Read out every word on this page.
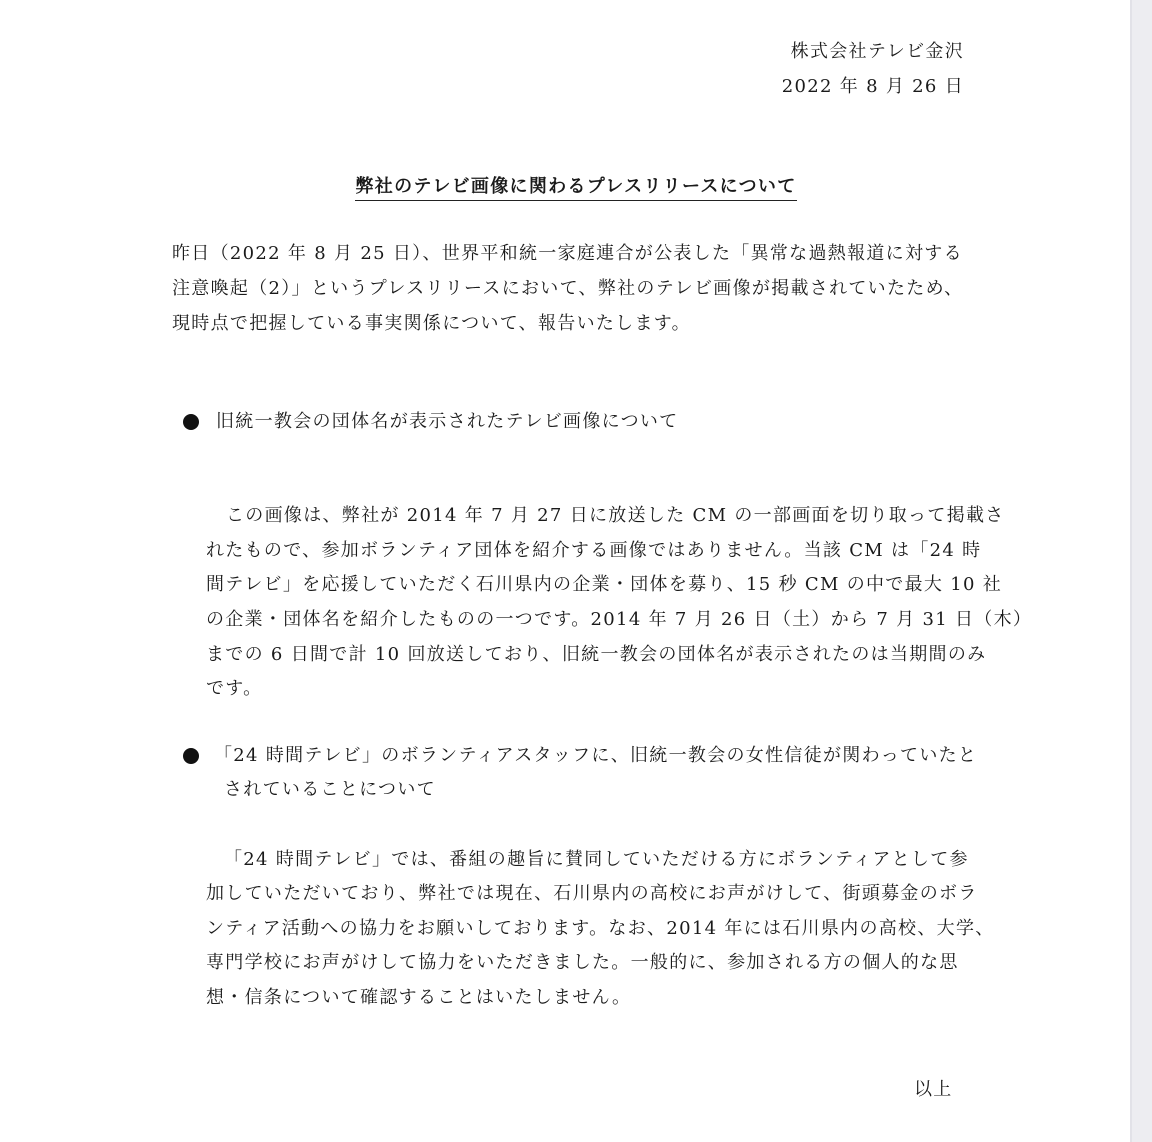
株式会社テレビ金沢
2022 年 8 月 26 日
弊社のテレビ画像に関わるプレスリリースについて
昨日（2022 年 8 月 25 日）、世界平和統一家庭連合が公表した「異常な過熱報道に対する
注意喚起（2）」というプレスリリースにおいて、弊社のテレビ画像が掲載されていたため、
現時点で把握している事実関係について、報告いたします。
旧統一教会の団体名が表示されたテレビ画像について
この画像は、弊社が 2014 年 7 月 27 日に放送した CM の一部画面を切り取って掲載さ
れたもので、参加ボランティア団体を紹介する画像ではありません。当該 CM は「24 時
間テレビ」を応援していただく石川県内の企業・団体を募り、15 秒 CM の中で最大 10 社
の企業・団体名を紹介したものの一つです。2014 年 7 月 26 日（土）から 7 月 31 日（木）
までの 6 日間で計 10 回放送しており、旧統一教会の団体名が表示されたのは当期間のみ
です。
「24 時間テレビ」のボランティアスタッフに、旧統一教会の女性信徒が関わっていたと
されていることについて
「24 時間テレビ」では、番組の趣旨に賛同していただける方にボランティアとして参
加していただいており、弊社では現在、石川県内の高校にお声がけして、街頭募金のボラ
ンティア活動への協力をお願いしております。なお、2014 年には石川県内の高校、大学、
専門学校にお声がけして協力をいただきました。一般的に、参加される方の個人的な思
想・信条について確認することはいたしません。
以上
